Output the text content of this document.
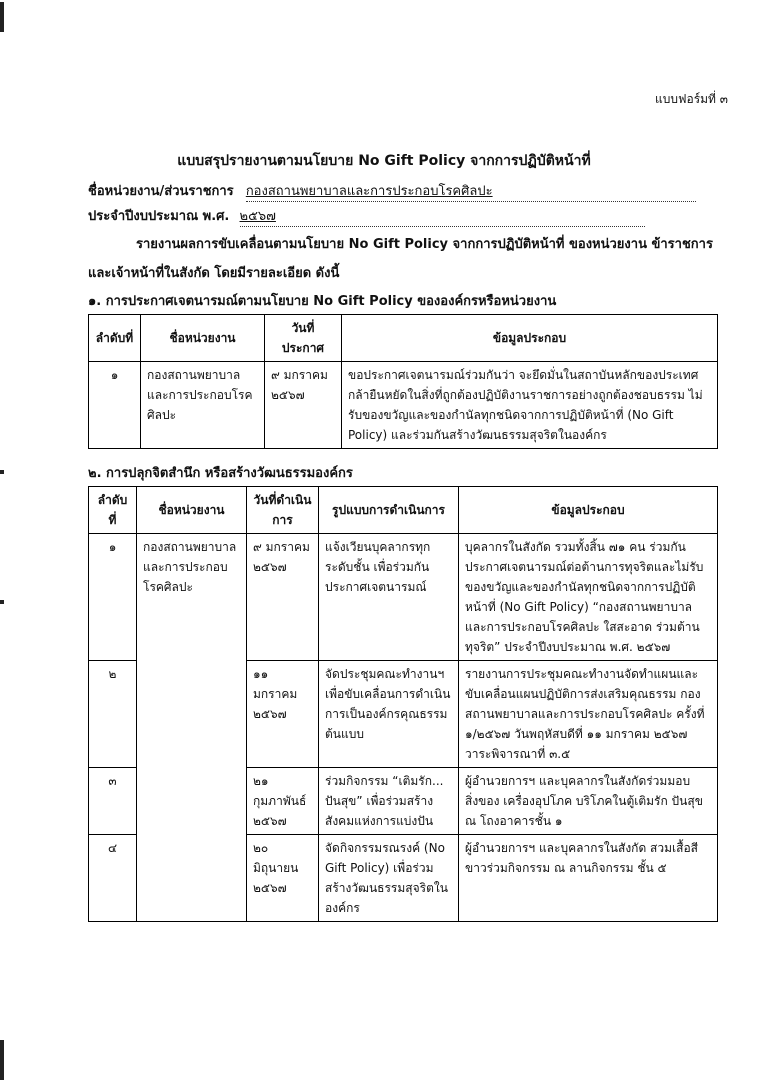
แบบฟอร์มที่ ๓
แบบสรุปรายงานตามนโยบาย No Gift Policy จากการปฏิบัติหน้าที่
ชื่อหน่วยงาน/ส่วนราชการ กองสถานพยาบาลและการประกอบโรคศิลปะ
ประจำปีงบประมาณ พ.ศ. ๒๕๖๗
รายงานผลการขับเคลื่อนตามนโยบาย No Gift Policy จากการปฏิบัติหน้าที่ ของหน่วยงาน ข้าราชการ
และเจ้าหน้าที่ในสังกัด โดยมีรายละเอียด ดังนี้
๑. การประกาศเจตนารมณ์ตามนโยบาย No Gift Policy ขององค์กรหรือหน่วยงาน
ลำดับที่	ชื่อหน่วยงาน	วันที่ประกาศ	ข้อมูลประกอบ
๑	กองสถานพยาบาลและการประกอบโรคศิลปะ	๙ มกราคม ๒๕๖๗	ขอประกาศเจตนารมณ์ร่วมกันว่า จะยึดมั่นในสถาบันหลักของประเทศ กล้ายืนหยัดในสิ่งที่ถูกต้องปฏิบัติงานราชการอย่างถูกต้องชอบธรรม ไม่รับของขวัญและของกำนัลทุกชนิดจากการปฏิบัติหน้าที่ (No Gift Policy) และร่วมกันสร้างวัฒนธรรมสุจริตในองค์กร
๒. การปลุกจิตสำนึก หรือสร้างวัฒนธรรมองค์กร
ลำดับที่	ชื่อหน่วยงาน	วันที่ดำเนินการ	รูปแบบการดำเนินการ	ข้อมูลประกอบ
๑	กองสถานพยาบาลและการประกอบโรคศิลปะ	๙ มกราคม ๒๕๖๗	แจ้งเวียนบุคลากรทุกระดับชั้น เพื่อร่วมกันประกาศเจตนารมณ์	บุคลากรในสังกัด รวมทั้งสิ้น ๗๑ คน ร่วมกันประกาศเจตนารมณ์ต่อต้านการทุจริตและไม่รับของขวัญและของกำนัลทุกชนิดจากการปฏิบัติหน้าที่ (No Gift Policy) “กองสถานพยาบาลและการประกอบโรคศิลปะ ใสสะอาด ร่วมต้านทุจริต” ประจำปีงบประมาณ พ.ศ. ๒๕๖๗
๒		๑๑ มกราคม ๒๕๖๗	จัดประชุมคณะทำงานฯ เพื่อขับเคลื่อนการดำเนินการเป็นองค์กรคุณธรรมต้นแบบ	รายงานการประชุมคณะทำงานจัดทำแผนและขับเคลื่อนแผนปฏิบัติการส่งเสริมคุณธรรม กองสถานพยาบาลและการประกอบโรคศิลปะ ครั้งที่ ๑/๒๕๖๗ วันพฤหัสบดีที่ ๑๑ มกราคม ๒๕๖๗ วาระพิจารณาที่ ๓.๕
๓		๒๑ กุมภาพันธ์ ๒๕๖๗	ร่วมกิจกรรม “เติมรัก... ปันสุข” เพื่อร่วมสร้างสังคมแห่งการแบ่งปัน	ผู้อำนวยการฯ และบุคลากรในสังกัดร่วมมอบสิ่งของ เครื่องอุปโภค บริโภคในตู้เติมรัก ปันสุข ณ โถงอาคารชั้น ๑
๔		๒๐ มิถุนายน ๒๕๖๗	จัดกิจกรรมรณรงค์ (No Gift Policy) เพื่อร่วมสร้างวัฒนธรรมสุจริตในองค์กร	ผู้อำนวยการฯ และบุคลากรในสังกัด สวมเสื้อสีขาวร่วมกิจกรรม ณ ลานกิจกรรม ชั้น ๕
